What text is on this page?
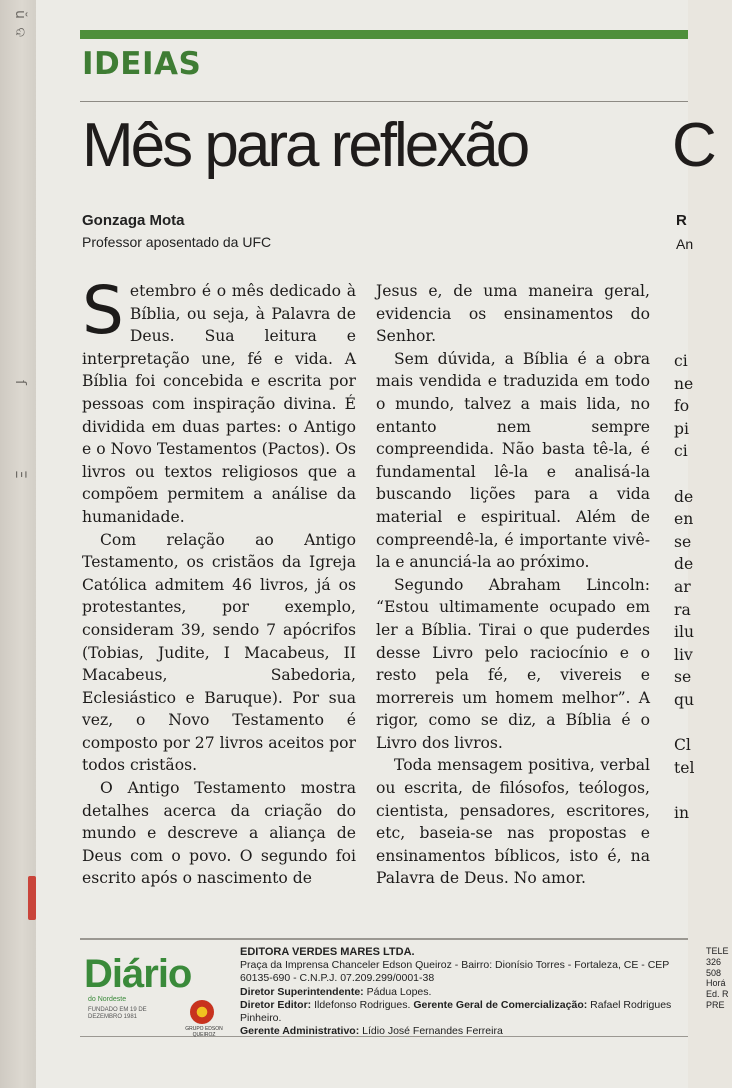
ŭ ଦ
ſ
Ξ
IDEIAS
Mês para reflexão C
Gonzaga Mota
Professor aposentado da UFC
R
An

Setembro é o mês dedicado à Bíblia, ou seja, à Palavra de Deus. Sua leitura e interpretação une, fé e vida. A Bíblia foi concebida e escrita por pessoas com inspiração divina. É dividida em duas partes: o Antigo e o Novo Testamentos (Pactos). Os livros ou textos religiosos que a compõem permitem a análise da humanidade.

Com relação ao Antigo Testamento, os cristãos da Igreja Católica admitem 46 livros, já os protestantes, por exemplo, consideram 39, sendo 7 apócrifos (Tobias, Judite, I Macabeus, II Macabeus, Sabedoria, Eclesiástico e Baruque). Por sua vez, o Novo Testamento é composto por 27 livros aceitos por todos cristãos.

O Antigo Testamento mostra detalhes acerca da criação do mundo e descreve a aliança de Deus com o povo. O segundo foi escrito após o nascimento de

Jesus e, de uma maneira geral, evidencia os ensinamentos do Senhor.

Sem dúvida, a Bíblia é a obra mais vendida e traduzida em todo o mundo, talvez a mais lida, no entanto nem sempre compreendida. Não basta tê-la, é fundamental lê-la e analisá-la buscando lições para a vida material e espiritual. Além de compreendê-la, é importante vivê-la e anunciá-la ao próximo.

Segundo Abraham Lincoln: “Estou ultimamente ocupado em ler a Bíblia. Tirai o que puderdes desse Livro pelo raciocínio e o resto pela fé, e, vivereis e morrereis um homem melhor”. A rigor, como se diz, a Bíblia é o Livro dos livros.

Toda mensagem positiva, verbal ou escrita, de filósofos, teólogos, cientista, pensadores, escritores, etc, baseia-se nas propostas e ensinamentos bíblicos, isto é, na Palavra de Deus. No amor.

ci
ne
fo
pi
ci
de
en
se
de
ar
ra
ilu
liv
se
qu
Cl
tel
in
Diário
do Nordeste
FUNDADO EM 19 DE DEZEMBRO 1981
GRUPO EDSON QUEIROZ
EDITORA VERDES MARES LTDA.
Praça da Imprensa Chanceler Edson Queiroz - Bairro: Dionísio Torres - Fortaleza, CE - CEP 60135-690 - C.N.P.J. 07.209.299/0001-38
Diretor Superintendente: Pádua Lopes.
Diretor Editor: Ildefonso Rodrigues. Gerente Geral de Comercialização: Rafael Rodrigues Pinheiro.
Gerente Administrativo: Lídio José Fernandes Ferreira
TELE
326
508
Horá
Ed. R
PRE
